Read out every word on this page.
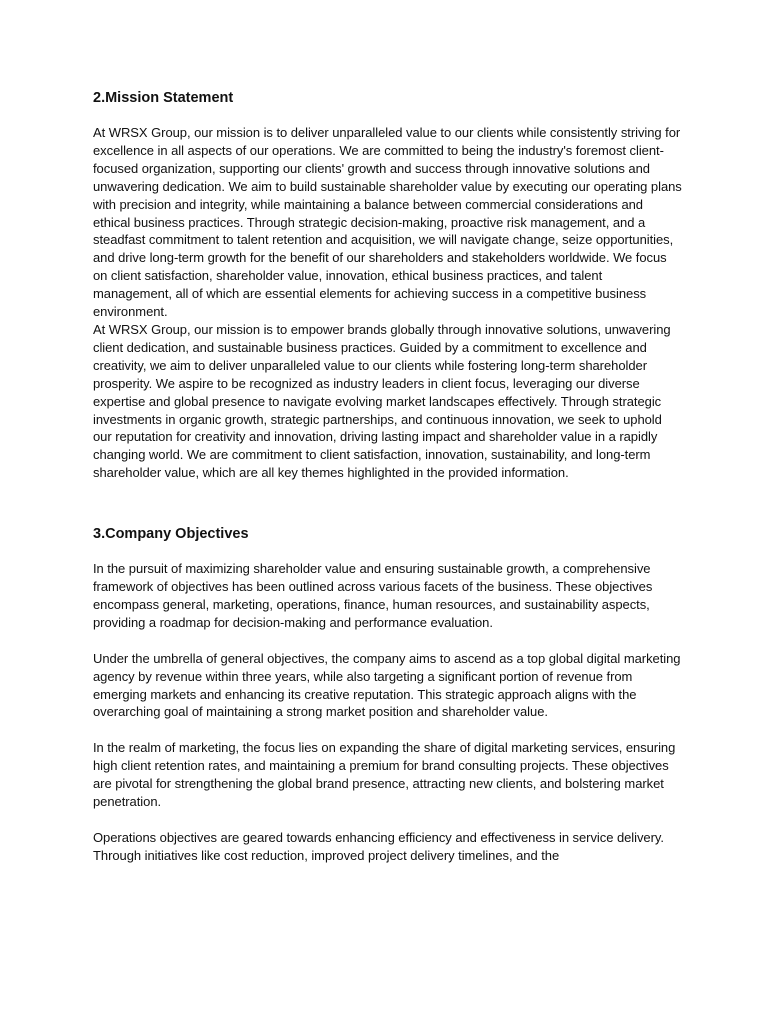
2.Mission Statement

At WRSX Group, our mission is to deliver unparalleled value to our clients while consistently striving for excellence in all aspects of our operations. We are committed to being the industry's foremost client-focused organization, supporting our clients' growth and success through innovative solutions and unwavering dedication. We aim to build sustainable shareholder value by executing our operating plans with precision and integrity, while maintaining a balance between commercial considerations and ethical business practices. Through strategic decision-making, proactive risk management, and a steadfast commitment to talent retention and acquisition, we will navigate change, seize opportunities, and drive long-term growth for the benefit of our shareholders and stakeholders worldwide. We focus on client satisfaction, shareholder value, innovation, ethical business practices, and talent management, all of which are essential elements for achieving success in a competitive business environment.

At WRSX Group, our mission is to empower brands globally through innovative solutions, unwavering client dedication, and sustainable business practices. Guided by a commitment to excellence and creativity, we aim to deliver unparalleled value to our clients while fostering long-term shareholder prosperity. We aspire to be recognized as industry leaders in client focus, leveraging our diverse expertise and global presence to navigate evolving market landscapes effectively. Through strategic investments in organic growth, strategic partnerships, and continuous innovation, we seek to uphold our reputation for creativity and innovation, driving lasting impact and shareholder value in a rapidly changing world. We are commitment to client satisfaction, innovation, sustainability, and long-term shareholder value, which are all key themes highlighted in the provided information.

3.Company Objectives

In the pursuit of maximizing shareholder value and ensuring sustainable growth, a comprehensive framework of objectives has been outlined across various facets of the business. These objectives encompass general, marketing, operations, finance, human resources, and sustainability aspects, providing a roadmap for decision-making and performance evaluation.

Under the umbrella of general objectives, the company aims to ascend as a top global digital marketing agency by revenue within three years, while also targeting a significant portion of revenue from emerging markets and enhancing its creative reputation. This strategic approach aligns with the overarching goal of maintaining a strong market position and shareholder value.

In the realm of marketing, the focus lies on expanding the share of digital marketing services, ensuring high client retention rates, and maintaining a premium for brand consulting projects. These objectives are pivotal for strengthening the global brand presence, attracting new clients, and bolstering market penetration.

Operations objectives are geared towards enhancing efficiency and effectiveness in service delivery. Through initiatives like cost reduction, improved project delivery timelines, and the
